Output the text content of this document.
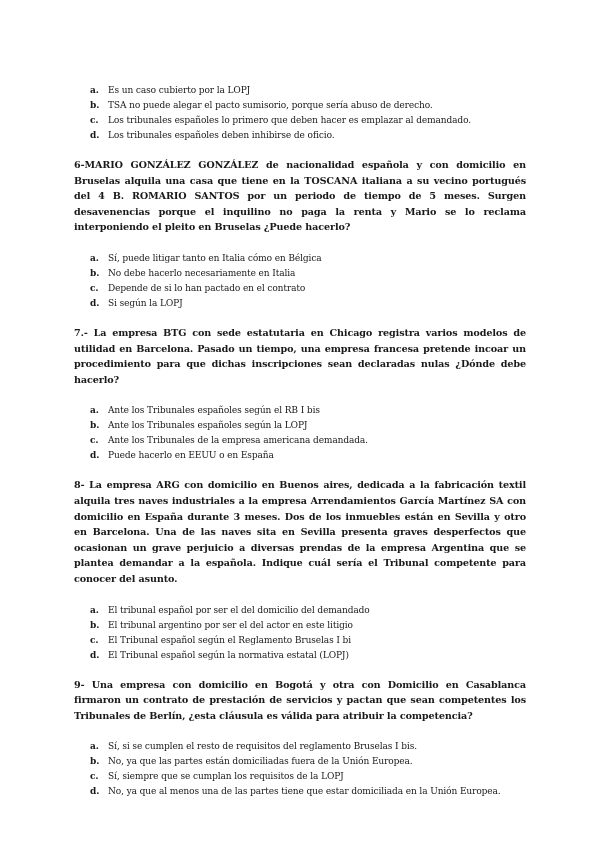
a.	Es un caso cubierto por la LOPJ
b. TSA no puede alegar el pacto sumisorio, porque sería abuso de derecho.
c.	Los tribunales españoles lo primero que deben hacer es emplazar al demandado.
d. Los tribunales españoles deben inhibirse de oficio.

6-MARIO GONZÁLEZ GONZÁLEZ de nacionalidad española y con domicilio en Bruselas alquila una casa que tiene en la TOSCANA italiana a su vecino portugués del 4 B. ROMARIO SANTOS por un periodo de tiempo de 5 meses. Surgen desavenencias porque el inquilino no paga la renta y Mario se lo reclama interponiendo el pleito en Bruselas ¿Puede hacerlo?

a.	Sí, puede litigar tanto en Italia cómo en Bélgica
b. No debe hacerlo necesariamente en Italia
c.	Depende de si lo han pactado en el contrato
d. Si según la LOPJ

7.- La empresa BTG con sede estatutaria en Chicago registra varios modelos de utilidad en Barcelona. Pasado un tiempo, una empresa francesa pretende incoar un procedimiento para que dichas inscripciones sean declaradas nulas ¿Dónde debe hacerlo?

a.	Ante los Tribunales españoles según el RB I bis
b. Ante los Tribunales españoles según la LOPJ
c.	Ante los Tribunales de la empresa americana demandada.
d. Puede hacerlo en EEUU o en España

8- La empresa ARG con domicilio en Buenos aires, dedicada a la fabricación textil alquila tres naves industriales a la empresa Arrendamientos García Martínez SA con domicilio en España durante 3 meses. Dos de los inmuebles están en Sevilla y otro en Barcelona. Una de las naves sita en Sevilla presenta graves desperfectos que ocasionan un grave perjuicio a diversas prendas de la empresa Argentina que se plantea demandar a la española. Indique cuál sería el Tribunal competente para conocer del asunto.

a.	El tribunal español por ser el del domicilio del demandado
b. El tribunal argentino por ser el del actor en este litigio
c.	El Tribunal español según el Reglamento Bruselas I bi
d. El Tribunal español según la normativa estatal (LOPJ)

9- Una empresa con domicilio en Bogotá y otra con Domicilio en Casablanca firmaron un contrato de prestación de servicios y pactan que sean competentes los Tribunales de Berlín, ¿esta cláusula es válida para atribuir la competencia?

a.	Sí, si se cumplen el resto de requisitos del reglamento Bruselas I bis.
b. No, ya que las partes están domiciliadas fuera de la Unión Europea.
c.	Sí, siempre que se cumplan los requisitos de la LOPJ
d. No, ya que al menos una de las partes tiene que estar domiciliada en la Unión Europea.
